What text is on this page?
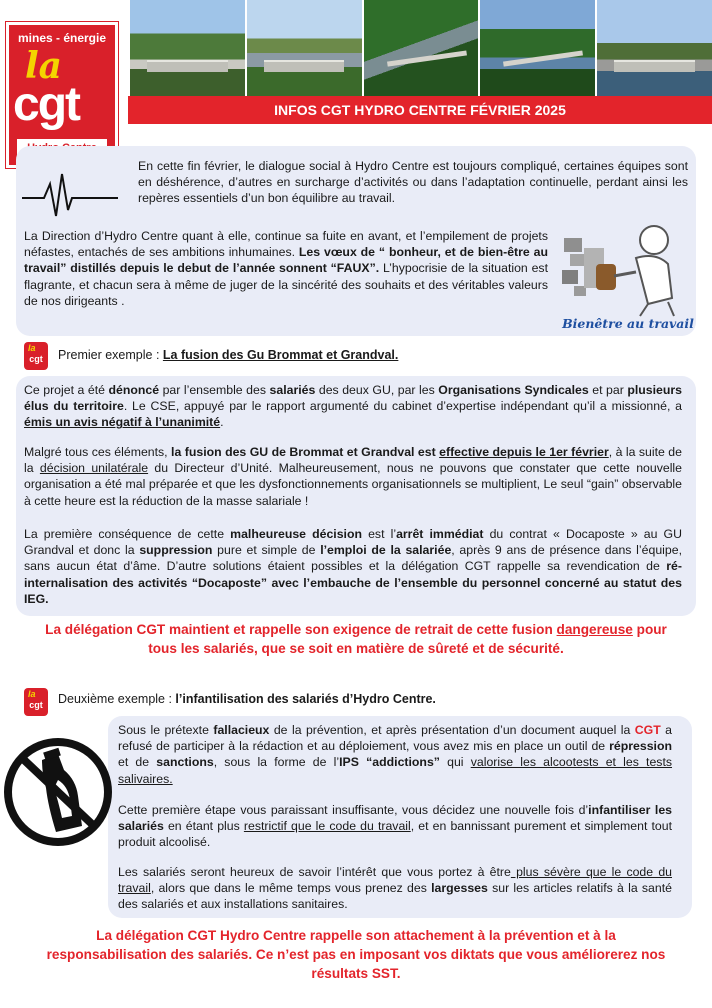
mines - énergie
la
cgt	INFOS CGT HYDRO CENTRE FÉVRIER 2025

En cette fin février, le dialogue social à Hydro Centre est toujours compliqué, certaines équipes sont en déshérence, d’autres en surcharge d’activités ou dans l’adaptation continuelle, perdant ainsi les repères essentiels d’un bon équilibre au travail.

La Direction d’Hydro Centre quant à elle, continue sa fuite en avant, et l’empilement de projets néfastes, entachés de ses ambitions inhumaines. Les vœux de “ bonheur, et de bien-être au travail” distillés depuis le debut de l’année sonnent “FAUX”. L’hypocrisie de la situation est flagrante, et chacun sera à même de juger de la sincérité des souhaits et des véritables valeurs de nos dirigeants .

Bienêtre au travail
la
cgt	Premier exemple : La fusion des Gu Brommat et Grandval.

Ce projet a été dénoncé par l’ensemble des salariés des deux GU, par les Organisations Syndicales et par plusieurs élus du territoire. Le CSE, appuyé par le rapport argumenté du cabinet d’expertise indépendant qu’il a missionné, a émis un avis négatif à l’unanimité.

Malgré tous ces éléments, la fusion des GU de Brommat et Grandval est effective depuis le 1er février, à la suite de la décision unilatérale du Directeur d’Unité. Malheureusement, nous ne pouvons que constater que cette nouvelle organisation a été mal préparée et que les dysfonctionnements organisationnels se multiplient, Le seul “gain” observable à cette heure est la réduction de la masse salariale !

La première conséquence de cette malheureuse décision est l’arrêt immédiat du contrat « Docaposte » au GU Grandval et donc la suppression pure et simple de l’emploi de la salariée, après 9 ans de présence dans l’équipe, sans aucun état d’âme. D’autre solutions étaient possibles et la délégation CGT rappelle sa revendication de ré-internalisation des activités “Docaposte” avec l’embauche de l’ensemble du personnel concerné au statut des IEG.

La délégation CGT maintient et rappelle son exigence de retrait de cette fusion dangereuse pour tous les salariés, que se soit en matière de sûreté et de sécurité.

la
cgt	Deuxième exemple : l’infantilisation des salariés d’Hydro Centre.

Sous le prétexte fallacieux de la prévention, et après présentation d’un document auquel la CGT a refusé de participer à la rédaction et au déploiement, vous avez mis en place un outil de répression et de sanctions, sous la forme de l’IPS “addictions” qui valorise les alcootests et les tests salivaires.

Cette première étape vous paraissant insuffisante, vous décidez une nouvelle fois d’infantiliser les salariés en étant plus restrictif que le code du travail, et en bannissant purement et simplement tout produit alcoolisé.

Les salariés seront heureux de savoir l’intérêt que vous portez à être plus sévère que le code du travail, alors que dans le même temps vous prenez des largesses sur les articles relatifs à la santé des salariés et aux installations sanitaires.

La délégation CGT Hydro Centre rappelle son attachement à la prévention et à la responsabilisation des salariés. Ce n’est pas en imposant vos diktats que vous améliorerez nos résultats SST.
